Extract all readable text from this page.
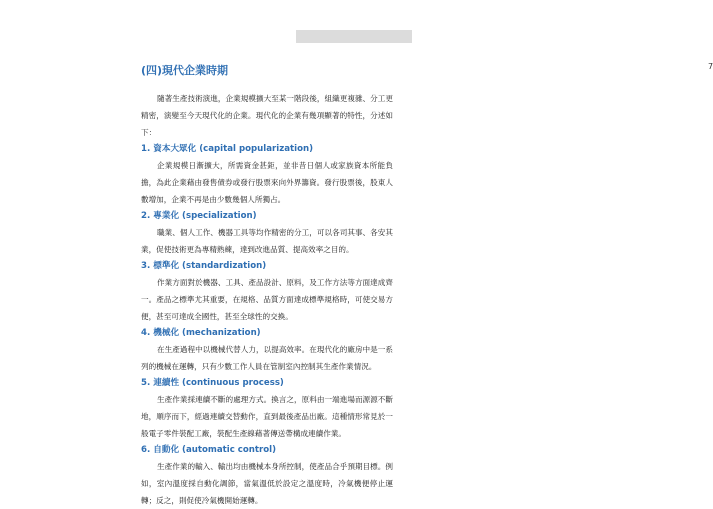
7
(四)現代企業時期

隨著生產技術演進，企業規模擴大至某一階段後，組織更複雜、分工更精密，演變至今天現代化的企業。現代化的企業有幾項顯著的特性，分述如下：

1. 資本大眾化 (capital popularization)

企業規模日漸擴大，所需資金甚鉅，並非昔日個人或家族資本所能負擔，為此企業藉由發售債券或發行股票來向外界籌資。發行股票後，股東人數增加，企業不再是由少數幾個人所獨占。

2. 專業化 (specialization)

職業、個人工作、機器工具等均作精密的分工，可以各司其事、各安其業，促使技術更為專精熟練，達到改進品質、提高效率之目的。

3. 標準化 (standardization)

作業方面對於機器、工具、產品設計、原料，及工作方法等方面達成齊一。產品之標準尤其重要，在規格、品質方面達成標準規格時，可使交易方便，甚至可達成全國性，甚至全球性的交換。

4. 機械化 (mechanization)

在生產過程中以機械代替人力，以提高效率。在現代化的廠房中是一系列的機械在運轉，只有少數工作人員在管制室內控制其生產作業情況。

5. 連續性 (continuous process)

生產作業採連續不斷的處理方式。換言之，原料由一端進場而源源不斷地，順序而下，經過連續交替動作，直到最後產品出廠。這種情形常見於一般電子零件裝配工廠，裝配生產線藉著傳送帶構成連續作業。

6. 自動化 (automatic control)

生產作業的輸入、輸出均由機械本身所控制，使產品合乎預期目標。例如，室內溫度採自動化調節，當氣溫低於設定之溫度時，冷氣機便停止運轉；反之，則促使冷氣機開始運轉。
